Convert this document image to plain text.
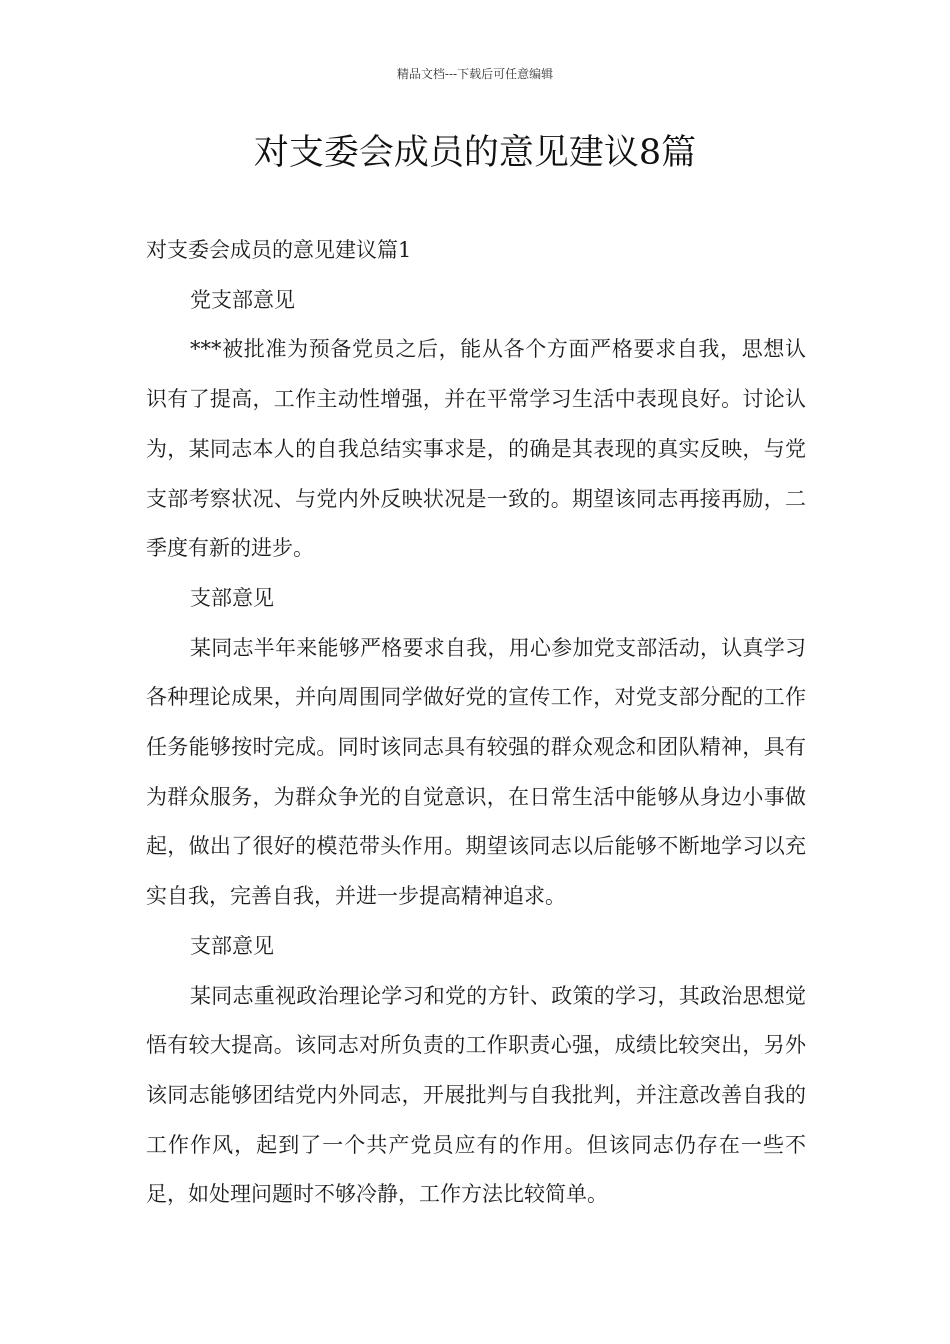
精品文档---下载后可任意编辑
对支委会成员的意见建议8篇

对支委会成员的意见建议篇1

党支部意见

***被批准为预备党员之后，能从各个方面严格要求自我，思想认识有了提高，工作主动性增强，并在平常学习生活中表现良好。讨论认为，某同志本人的自我总结实事求是，的确是其表现的真实反映，与党支部考察状况、与党内外反映状况是一致的。期望该同志再接再励，二季度有新的进步。

支部意见

某同志半年来能够严格要求自我，用心参加党支部活动，认真学习各种理论成果，并向周围同学做好党的宣传工作，对党支部分配的工作任务能够按时完成。同时该同志具有较强的群众观念和团队精神，具有为群众服务，为群众争光的自觉意识，在日常生活中能够从身边小事做起，做出了很好的模范带头作用。期望该同志以后能够不断地学习以充实自我，完善自我，并进一步提高精神追求。

支部意见

某同志重视政治理论学习和党的方针、政策的学习，其政治思想觉悟有较大提高。该同志对所负责的工作职责心强，成绩比较突出，另外该同志能够团结党内外同志，开展批判与自我批判，并注意改善自我的工作作风，起到了一个共产党员应有的作用。但该同志仍存在一些不足，如处理问题时不够冷静，工作方法比较简单。
